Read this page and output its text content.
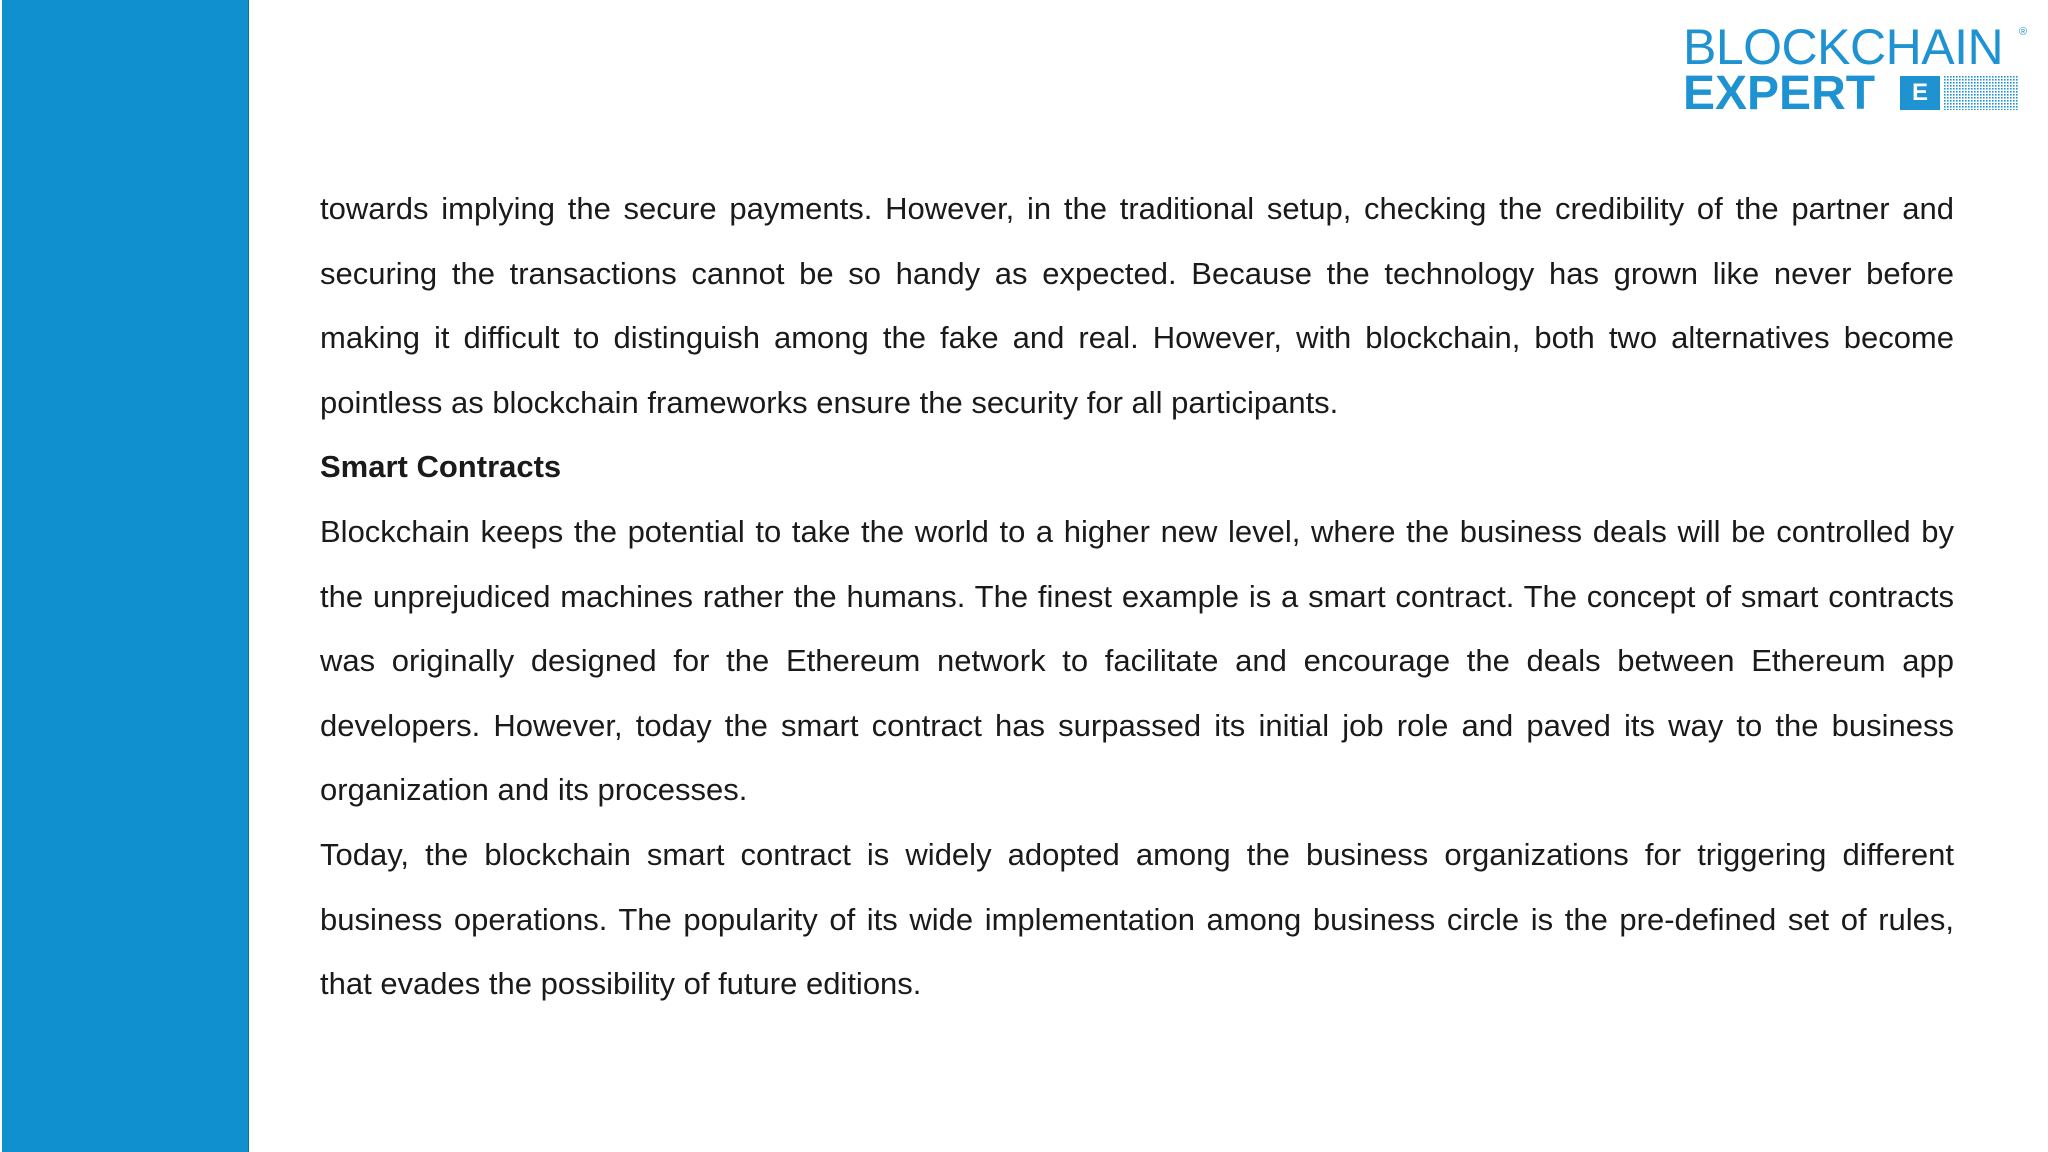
BLOCKCHAIN ®
EXPERT	E

towards implying the secure payments. However, in the traditional setup, checking the credibility of the partner and securing the transactions cannot be so handy as expected. Because the technology has grown like never before making it difficult to distinguish among the fake and real. However, with blockchain, both two alternatives become pointless as blockchain frameworks ensure the security for all participants.

Smart Contracts

Blockchain keeps the potential to take the world to a higher new level, where the business deals will be controlled by the unprejudiced machines rather the humans. The finest example is a smart contract. The concept of smart contracts was originally designed for the Ethereum network to facilitate and encourage the deals between Ethereum app developers. However, today the smart contract has surpassed its initial job role and paved its way to the business organization and its processes.

Today, the blockchain smart contract is widely adopted among the business organizations for triggering different business operations. The popularity of its wide implementation among business circle is the pre-defined set of rules, that evades the possibility of future editions.
